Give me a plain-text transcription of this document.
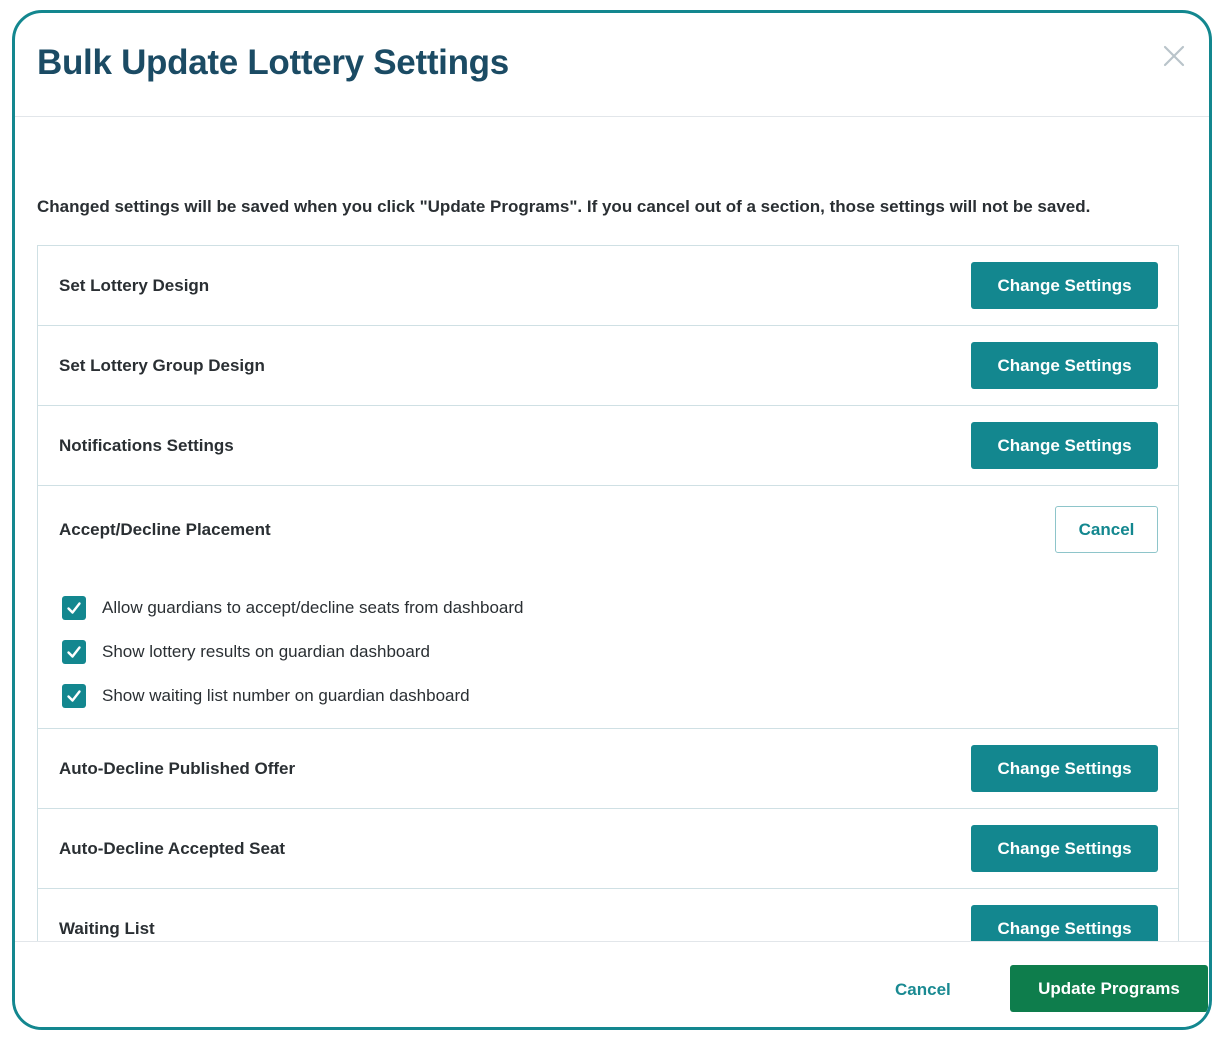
Bulk Update Lottery Settings

Changed settings will be saved when you click "Update Programs". If you cancel out of a section, those settings will not be saved.

Set Lottery Design	Change Settings
Set Lottery Group Design	Change Settings
Notifications Settings	Change Settings
Accept/Decline Placement	Cancel
Allow guardians to accept/decline seats from dashboard
Show lottery results on guardian dashboard
Show waiting list number on guardian dashboard
Auto-Decline Published Offer	Change Settings
Auto-Decline Accepted Seat	Change Settings
Waiting List	Change Settings
Cancel	Update Programs
